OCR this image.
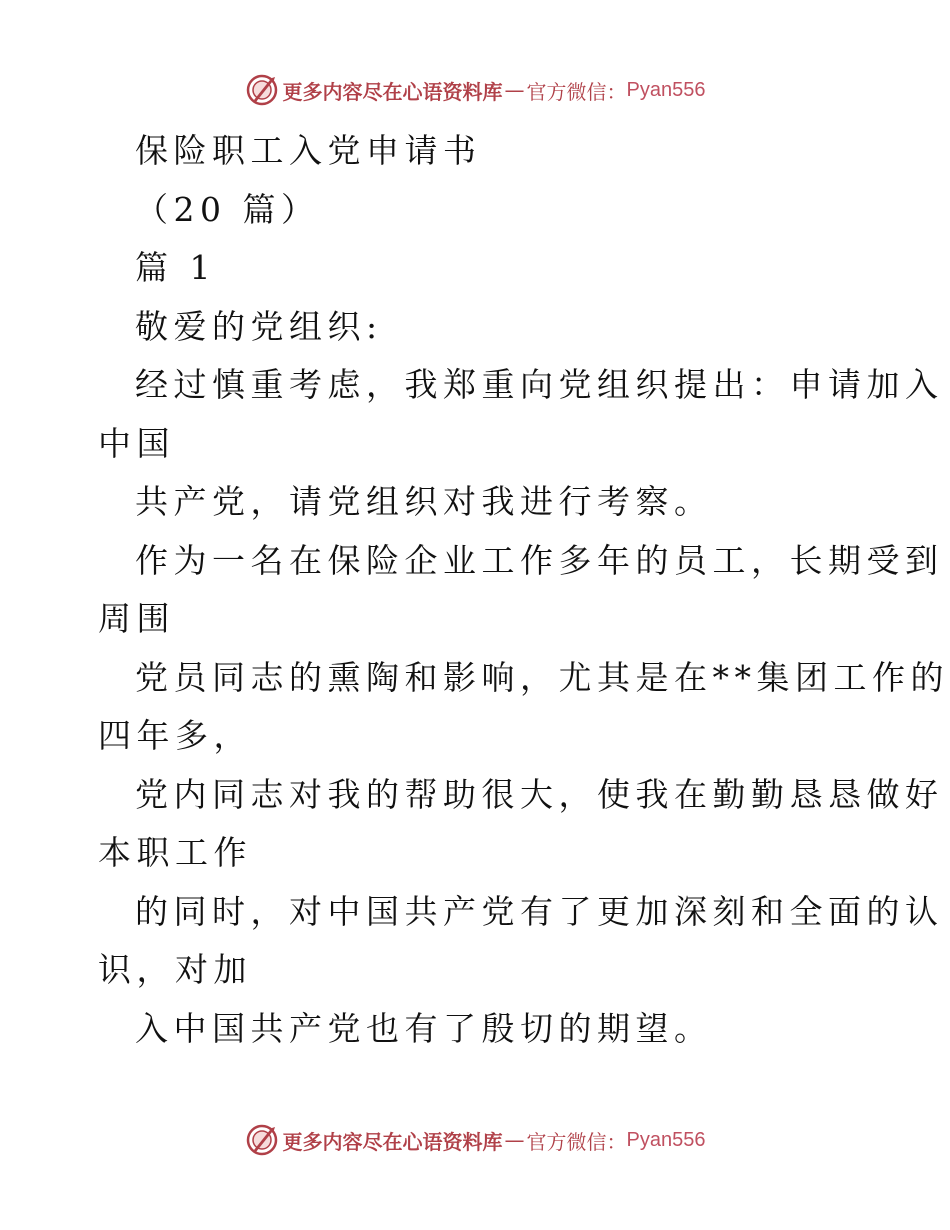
更多内容尽在心语资料库 — 官方微信： Pyan556
保险职工入党申请书
（20 篇）
篇 1
敬爱的党组织:
经过慎重考虑，我郑重向党组织提出：申请加入
中国
共产党，请党组织对我进行考察。
作为一名在保险企业工作多年的员工，长期受到
周围
党员同志的熏陶和影响，尤其是在**集团工作的
四年多，
党内同志对我的帮助很大，使我在勤勤恳恳做好
本职工作
的同时，对中国共产党有了更加深刻和全面的认
识，对加
入中国共产党也有了殷切的期望。
更多内容尽在心语资料库 — 官方微信： Pyan556
